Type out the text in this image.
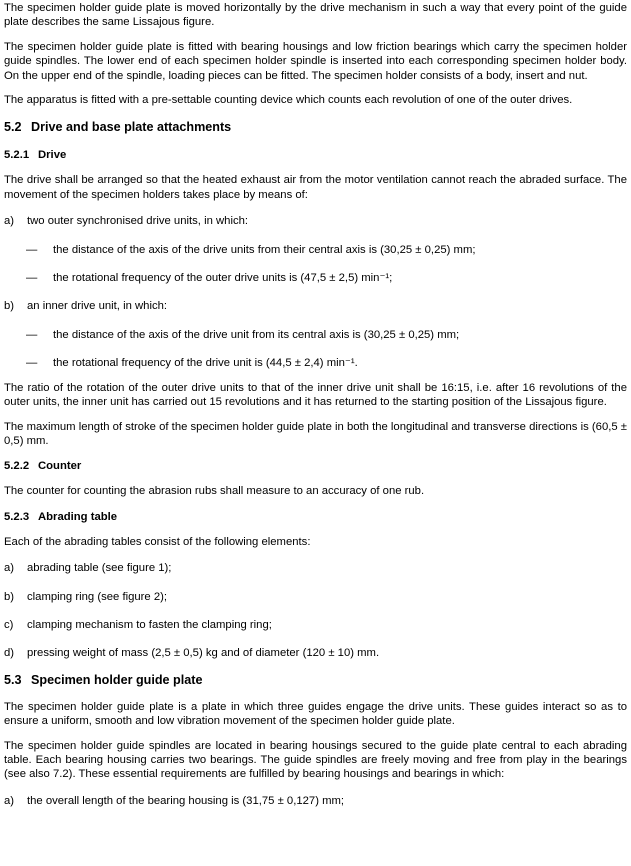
The specimen holder guide plate is moved horizontally by the drive mechanism in such a way that every point of the guide plate describes the same Lissajous figure.

The specimen holder guide plate is fitted with bearing housings and low friction bearings which carry the specimen holder guide spindles. The lower end of each specimen holder spindle is inserted into each corresponding specimen holder body. On the upper end of the spindle, loading pieces can be fitted. The specimen holder consists of a body, insert and nut.

The apparatus is fitted with a pre-settable counting device which counts each revolution of one of the outer drives.

5.2 Drive and base plate attachments
5.2.1 Drive

The drive shall be arranged so that the heated exhaust air from the motor ventilation cannot reach the abraded surface. The movement of the specimen holders takes place by means of:

a)	two outer synchronised drive units, in which:
—	the distance of the axis of the drive units from their central axis is (30,25 ± 0,25) mm;
—	the rotational frequency of the outer drive units is (47,5 ± 2,5) min⁻¹;
b)	an inner drive unit, in which:
—	the distance of the axis of the drive unit from its central axis is (30,25 ± 0,25) mm;
—	the rotational frequency of the drive unit is (44,5 ± 2,4) min⁻¹.

The ratio of the rotation of the outer drive units to that of the inner drive unit shall be 16:15, i.e. after 16 revolutions of the outer units, the inner unit has carried out 15 revolutions and it has returned to the starting position of the Lissajous figure.

The maximum length of stroke of the specimen holder guide plate in both the longitudinal and transverse directions is (60,5 ± 0,5) mm.

5.2.2 Counter

The counter for counting the abrasion rubs shall measure to an accuracy of one rub.

5.2.3 Abrading table

Each of the abrading tables consist of the following elements:

a)	abrading table (see figure 1);
b)	clamping ring (see figure 2);
c)	clamping mechanism to fasten the clamping ring;
d)	pressing weight of mass (2,5 ± 0,5) kg and of diameter (120 ± 10) mm.
5.3 Specimen holder guide plate

The specimen holder guide plate is a plate in which three guides engage the drive units. These guides interact so as to ensure a uniform, smooth and low vibration movement of the specimen holder guide plate.

The specimen holder guide spindles are located in bearing housings secured to the guide plate central to each abrading table. Each bearing housing carries two bearings. The guide spindles are freely moving and free from play in the bearings (see also 7.2). These essential requirements are fulfilled by bearing housings and bearings in which:

a)	the overall length of the bearing housing is (31,75 ± 0,127) mm;
